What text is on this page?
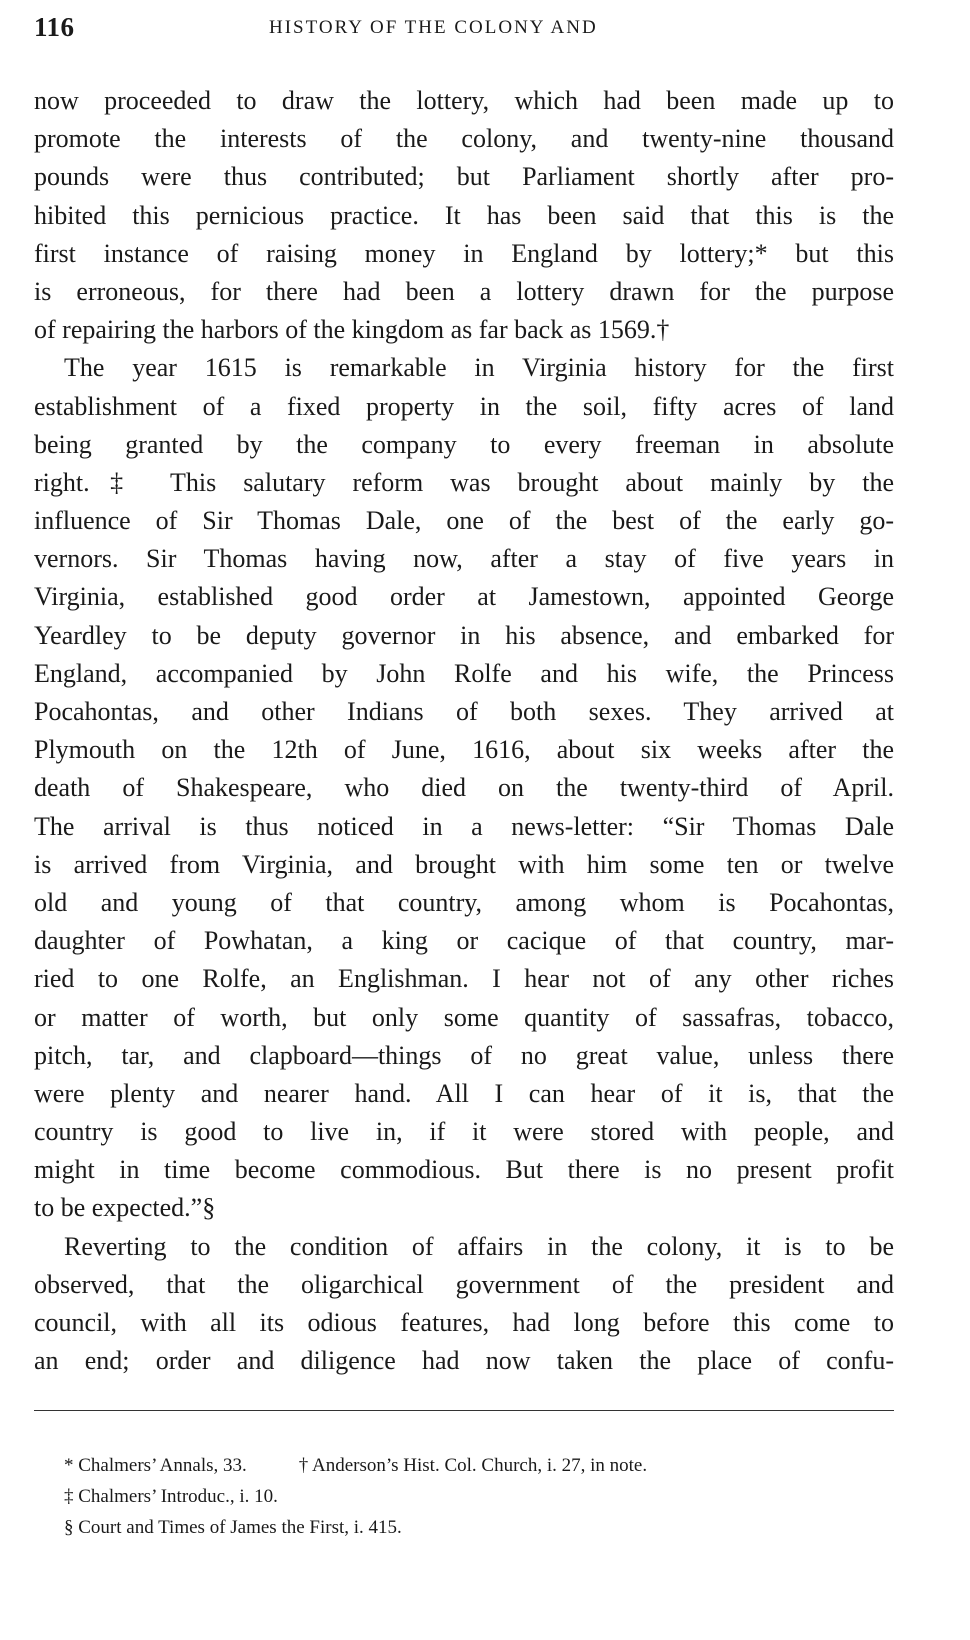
116	HISTORY OF THE COLONY AND
now proceeded to draw the lottery, which had been made up to
promote the interests of the colony, and twenty-nine thousand
pounds were thus contributed; but Parliament shortly after pro-
hibited this pernicious practice. It has been said that this is the
first instance of raising money in England by lottery;* but this
is erroneous, for there had been a lottery drawn for the purpose
of repairing the harbors of the kingdom as far back as 1569.†
The year 1615 is remarkable in Virginia history for the first
establishment of a fixed property in the soil, fifty acres of land
being granted by the company to every freeman in absolute
right.‡ This salutary reform was brought about mainly by the
influence of Sir Thomas Dale, one of the best of the early go-
vernors. Sir Thomas having now, after a stay of five years in
Virginia, established good order at Jamestown, appointed George
Yeardley to be deputy governor in his absence, and embarked for
England, accompanied by John Rolfe and his wife, the Princess
Pocahontas, and other Indians of both sexes. They arrived at
Plymouth on the 12th of June, 1616, about six weeks after the
death of Shakespeare, who died on the twenty-third of April.
The arrival is thus noticed in a news-letter: “Sir Thomas Dale
is arrived from Virginia, and brought with him some ten or twelve
old and young of that country, among whom is Pocahontas,
daughter of Powhatan, a king or cacique of that country, mar-
ried to one Rolfe, an Englishman. I hear not of any other riches
or matter of worth, but only some quantity of sassafras, tobacco,
pitch, tar, and clapboard—things of no great value, unless there
were plenty and nearer hand. All I can hear of it is, that the
country is good to live in, if it were stored with people, and
might in time become commodious. But there is no present profit
to be expected.”§
Reverting to the condition of affairs in the colony, it is to be
observed, that the oligarchical government of the president and
council, with all its odious features, had long before this come to
an end; order and diligence had now taken the place of confu-
* Chalmers’ Annals, 33.	† Anderson’s Hist. Col. Church, i. 27, in note.
‡ Chalmers’ Introduc., i. 10.
§ Court and Times of James the First, i. 415.
